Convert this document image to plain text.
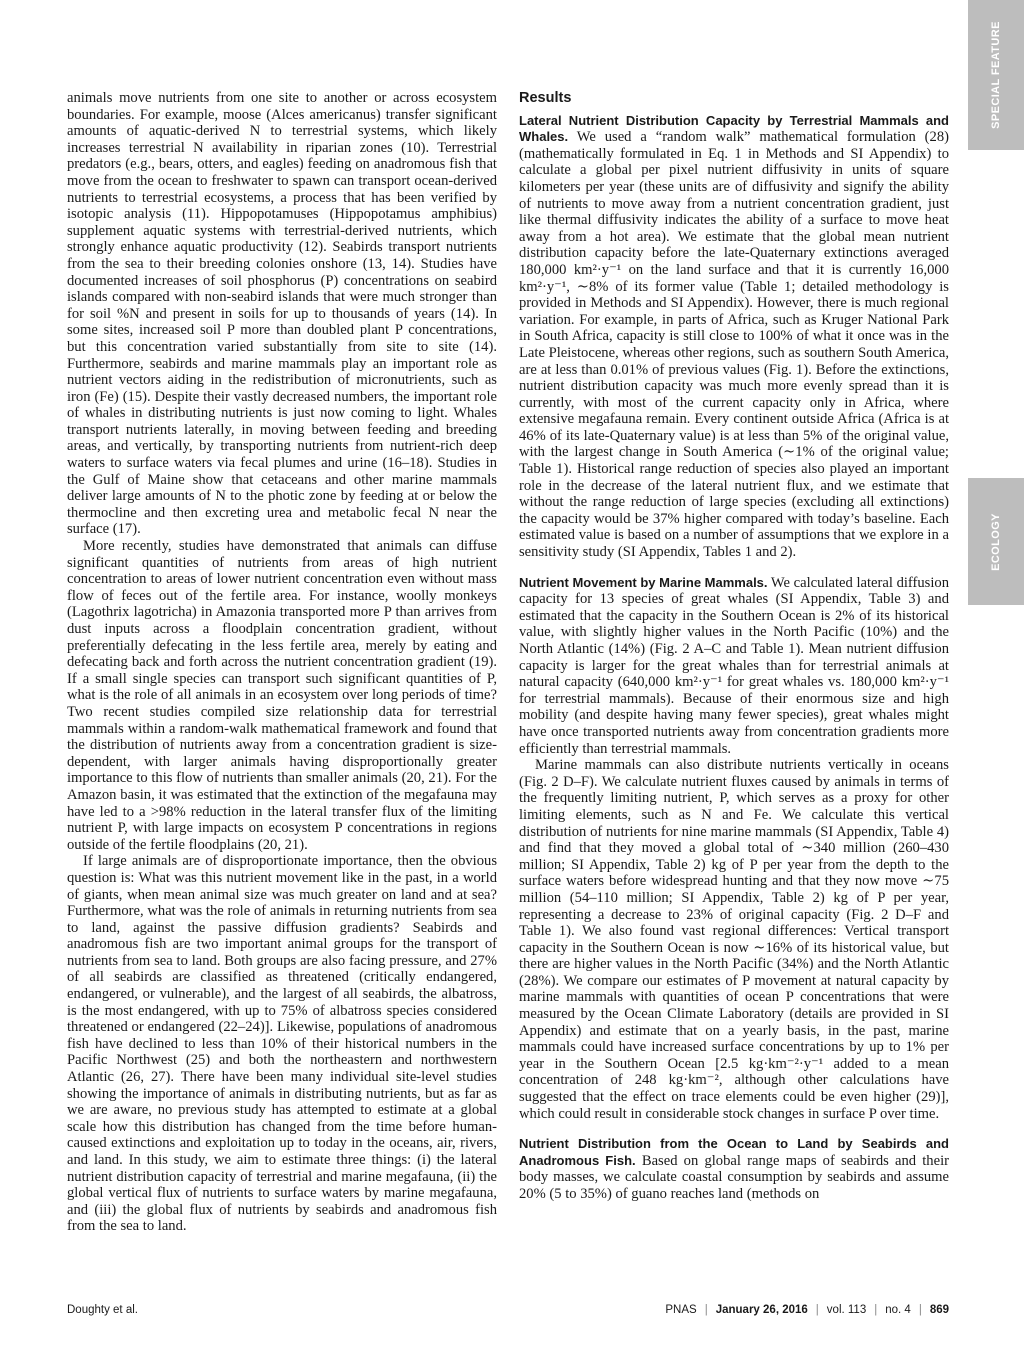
SPECIAL FEATURE
ECOLOGY

animals move nutrients from one site to another or across ecosystem boundaries. For example, moose (Alces americanus) transfer significant amounts of aquatic-derived N to terrestrial systems, which likely increases terrestrial N availability in riparian zones (10). Terrestrial predators (e.g., bears, otters, and eagles) feeding on anadromous fish that move from the ocean to freshwater to spawn can transport ocean-derived nutrients to terrestrial ecosystems, a process that has been verified by isotopic analysis (11). Hippopotamuses (Hippopotamus amphibius) supplement aquatic systems with terrestrial-derived nutrients, which strongly enhance aquatic productivity (12). Seabirds transport nutrients from the sea to their breeding colonies onshore (13, 14). Studies have documented increases of soil phosphorus (P) concentrations on seabird islands compared with non-seabird islands that were much stronger than for soil %N and present in soils for up to thousands of years (14). In some sites, increased soil P more than doubled plant P concentrations, but this concentration varied substantially from site to site (14). Furthermore, seabirds and marine mammals play an important role as nutrient vectors aiding in the redistribution of micronutrients, such as iron (Fe) (15). Despite their vastly decreased numbers, the important role of whales in distributing nutrients is just now coming to light. Whales transport nutrients laterally, in moving between feeding and breeding areas, and vertically, by transporting nutrients from nutrient-rich deep waters to surface waters via fecal plumes and urine (16–18). Studies in the Gulf of Maine show that cetaceans and other marine mammals deliver large amounts of N to the photic zone by feeding at or below the thermocline and then excreting urea and metabolic fecal N near the surface (17).

More recently, studies have demonstrated that animals can diffuse significant quantities of nutrients from areas of high nutrient concentration to areas of lower nutrient concentration even without mass flow of feces out of the fertile area. For instance, woolly monkeys (Lagothrix lagotricha) in Amazonia transported more P than arrives from dust inputs across a floodplain concentration gradient, without preferentially defecating in the less fertile area, merely by eating and defecating back and forth across the nutrient concentration gradient (19). If a small single species can transport such significant quantities of P, what is the role of all animals in an ecosystem over long periods of time? Two recent studies compiled size relationship data for terrestrial mammals within a random-walk mathematical framework and found that the distribution of nutrients away from a concentration gradient is size-dependent, with larger animals having disproportionally greater importance to this flow of nutrients than smaller animals (20, 21). For the Amazon basin, it was estimated that the extinction of the megafauna may have led to a >98% reduction in the lateral transfer flux of the limiting nutrient P, with large impacts on ecosystem P concentrations in regions outside of the fertile floodplains (20, 21).

If large animals are of disproportionate importance, then the obvious question is: What was this nutrient movement like in the past, in a world of giants, when mean animal size was much greater on land and at sea? Furthermore, what was the role of animals in returning nutrients from sea to land, against the passive diffusion gradients? Seabirds and anadromous fish are two important animal groups for the transport of nutrients from sea to land. Both groups are also facing pressure, and 27% of all seabirds are classified as threatened (critically endangered, endangered, or vulnerable), and the largest of all seabirds, the albatross, is the most endangered, with up to 75% of albatross species considered threatened or endangered (22–24)]. Likewise, populations of anadromous fish have declined to less than 10% of their historical numbers in the Pacific Northwest (25) and both the northeastern and northwestern Atlantic (26, 27). There have been many individual site-level studies showing the importance of animals in distributing nutrients, but as far as we are aware, no previous study has attempted to estimate at a global scale how this distribution has changed from the time before human-caused extinctions and exploitation up to today in the oceans, air, rivers, and land. In this study, we aim to estimate three things: (i) the lateral nutrient distribution capacity of terrestrial and marine megafauna, (ii) the global vertical flux of nutrients to surface waters by marine megafauna, and (iii) the global flux of nutrients by seabirds and anadromous fish from the sea to land.

Results

Lateral Nutrient Distribution Capacity by Terrestrial Mammals and Whales. We used a “random walk” mathematical formulation (28) (mathematically formulated in Eq. 1 in Methods and SI Appendix) to calculate a global per pixel nutrient diffusivity in units of square kilometers per year (these units are of diffusivity and signify the ability of nutrients to move away from a nutrient concentration gradient, just like thermal diffusivity indicates the ability of a surface to move heat away from a hot area). We estimate that the global mean nutrient distribution capacity before the late-Quaternary extinctions averaged 180,000 km²·y⁻¹ on the land surface and that it is currently 16,000 km²·y⁻¹, ∼8% of its former value (Table 1; detailed methodology is provided in Methods and SI Appendix). However, there is much regional variation. For example, in parts of Africa, such as Kruger National Park in South Africa, capacity is still close to 100% of what it once was in the Late Pleistocene, whereas other regions, such as southern South America, are at less than 0.01% of previous values (Fig. 1). Before the extinctions, nutrient distribution capacity was much more evenly spread than it is currently, with most of the current capacity only in Africa, where extensive megafauna remain. Every continent outside Africa (Africa is at 46% of its late-Quaternary value) is at less than 5% of the original value, with the largest change in South America (∼1% of the original value; Table 1). Historical range reduction of species also played an important role in the decrease of the lateral nutrient flux, and we estimate that without the range reduction of large species (excluding all extinctions) the capacity would be 37% higher compared with today’s baseline. Each estimated value is based on a number of assumptions that we explore in a sensitivity study (SI Appendix, Tables 1 and 2).

Nutrient Movement by Marine Mammals. We calculated lateral diffusion capacity for 13 species of great whales (SI Appendix, Table 3) and estimated that the capacity in the Southern Ocean is 2% of its historical value, with slightly higher values in the North Pacific (10%) and the North Atlantic (14%) (Fig. 2 A–C and Table 1). Mean nutrient diffusion capacity is larger for the great whales than for terrestrial animals at natural capacity (640,000 km²·y⁻¹ for great whales vs. 180,000 km²·y⁻¹ for terrestrial mammals). Because of their enormous size and high mobility (and despite having many fewer species), great whales might have once transported nutrients away from concentration gradients more efficiently than terrestrial mammals.

Marine mammals can also distribute nutrients vertically in oceans (Fig. 2 D–F). We calculate nutrient fluxes caused by animals in terms of the frequently limiting nutrient, P, which serves as a proxy for other limiting elements, such as N and Fe. We calculate this vertical distribution of nutrients for nine marine mammals (SI Appendix, Table 4) and find that they moved a global total of ∼340 million (260–430 million; SI Appendix, Table 2) kg of P per year from the depth to the surface waters before widespread hunting and that they now move ∼75 million (54–110 million; SI Appendix, Table 2) kg of P per year, representing a decrease to 23% of original capacity (Fig. 2 D–F and Table 1). We also found vast regional differences: Vertical transport capacity in the Southern Ocean is now ∼16% of its historical value, but there are higher values in the North Pacific (34%) and the North Atlantic (28%). We compare our estimates of P movement at natural capacity by marine mammals with quantities of ocean P concentrations that were measured by the Ocean Climate Laboratory (details are provided in SI Appendix) and estimate that on a yearly basis, in the past, marine mammals could have increased surface concentrations by up to 1% per year in the Southern Ocean [2.5 kg·km⁻²·y⁻¹ added to a mean concentration of 248 kg·km⁻², although other calculations have suggested that the effect on trace elements could be even higher (29)], which could result in considerable stock changes in surface P over time.

Nutrient Distribution from the Ocean to Land by Seabirds and Anadromous Fish. Based on global range maps of seabirds and their body masses, we calculate coastal consumption by seabirds and assume 20% (5 to 35%) of guano reaches land (methods on

Doughty et al.	PNAS | January 26, 2016 | vol. 113 | no. 4 | 869
